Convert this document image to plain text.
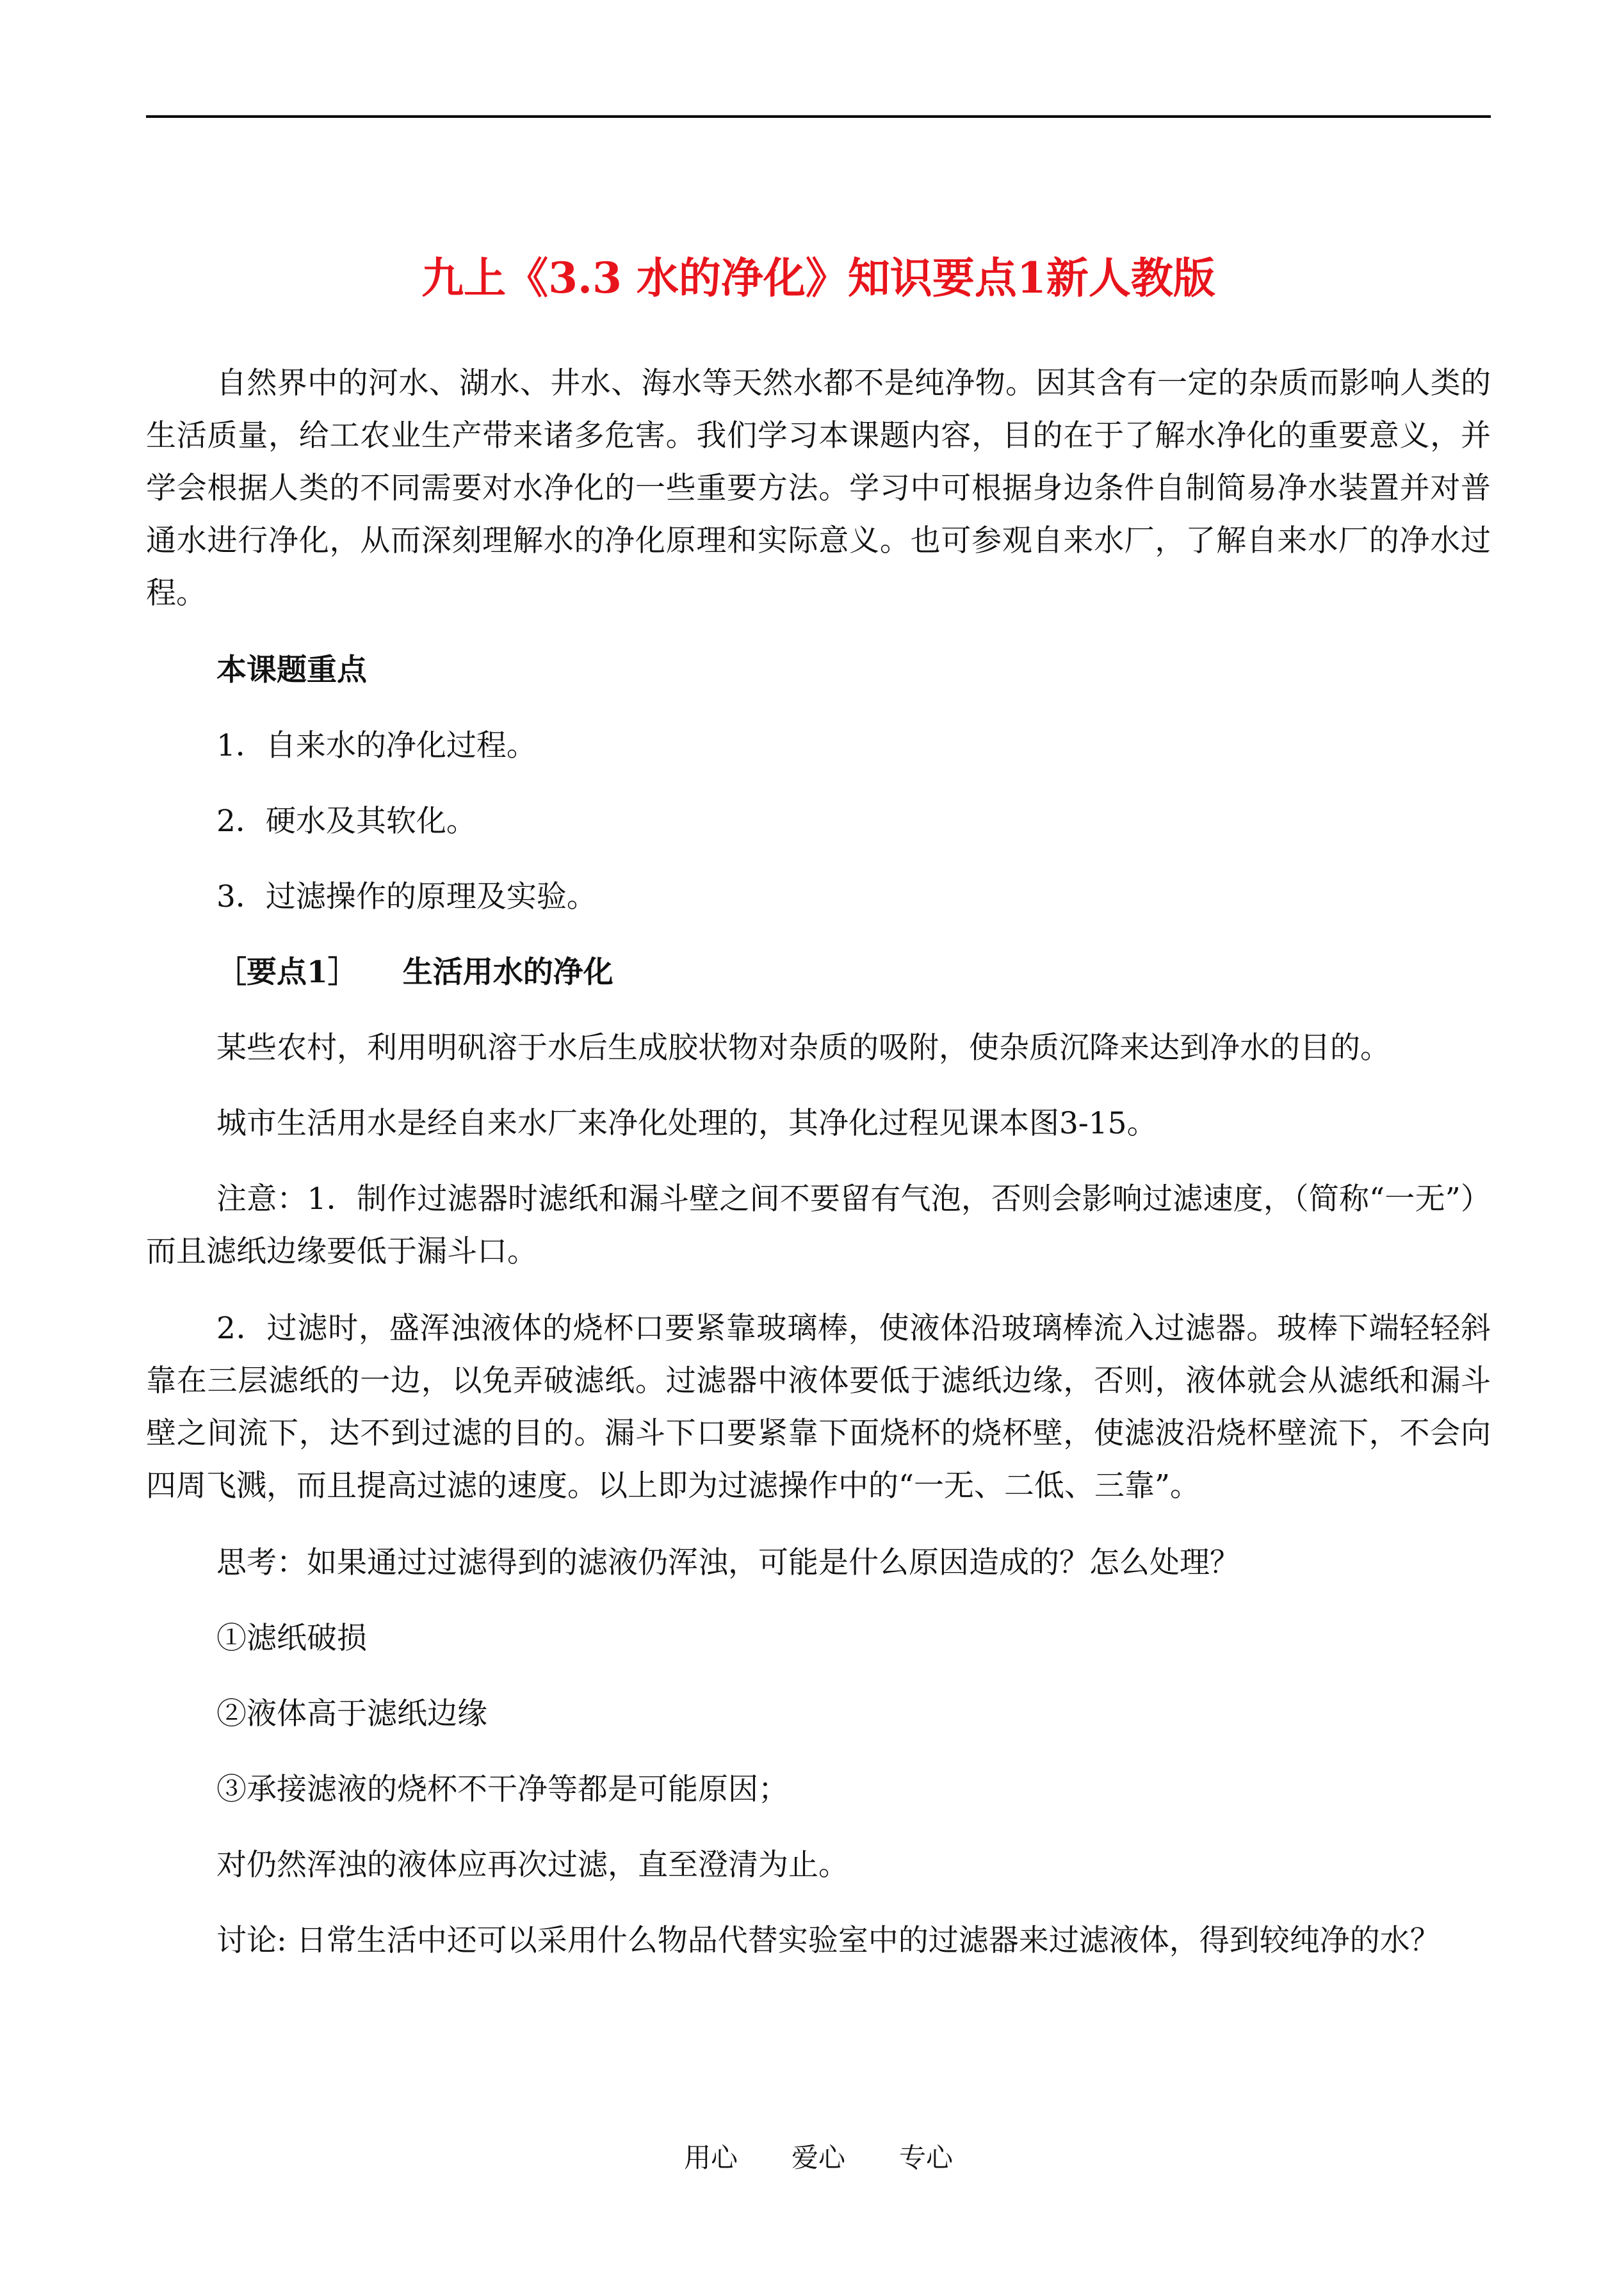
九上《3.3 水的净化》知识要点1新人教版

自然界中的河水、湖水、井水、海水等天然水都不是纯净物。因其含有一定的杂质而影响人类的生活质量，给工农业生产带来诸多危害。我们学习本课题内容，目的在于了解水净化的重要意义，并学会根据人类的不同需要对水净化的一些重要方法。学习中可根据身边条件自制简易净水装置并对普通水进行净化，从而深刻理解水的净化原理和实际意义。也可参观自来水厂，了解自来水厂的净水过程。

本课题重点

1．自来水的净化过程。

2．硬水及其软化。

3．过滤操作的原理及实验。

［要点1］ 生活用水的净化

某些农村，利用明矾溶于水后生成胶状物对杂质的吸附，使杂质沉降来达到净水的目的。

城市生活用水是经自来水厂来净化处理的，其净化过程见课本图3-15。

注意：1．制作过滤器时滤纸和漏斗壁之间不要留有气泡，否则会影响过滤速度，（简称“一无”）而且滤纸边缘要低于漏斗口。

2．过滤时，盛浑浊液体的烧杯口要紧靠玻璃棒，使液体沿玻璃棒流入过滤器。玻棒下端轻轻斜靠在三层滤纸的一边，以免弄破滤纸。过滤器中液体要低于滤纸边缘，否则，液体就会从滤纸和漏斗壁之间流下，达不到过滤的目的。漏斗下口要紧靠下面烧杯的烧杯壁，使滤波沿烧杯壁流下，不会向四周飞溅，而且提高过滤的速度。以上即为过滤操作中的“一无、二低、三靠”。

思考：如果通过过滤得到的滤液仍浑浊，可能是什么原因造成的？怎么处理？

①滤纸破损

②液体高于滤纸边缘

③承接滤液的烧杯不干净等都是可能原因；

对仍然浑浊的液体应再次过滤，直至澄清为止。

讨论: 日常生活中还可以采用什么物品代替实验室中的过滤器来过滤液体，得到较纯净的水？

用心　　爱心　　专心
